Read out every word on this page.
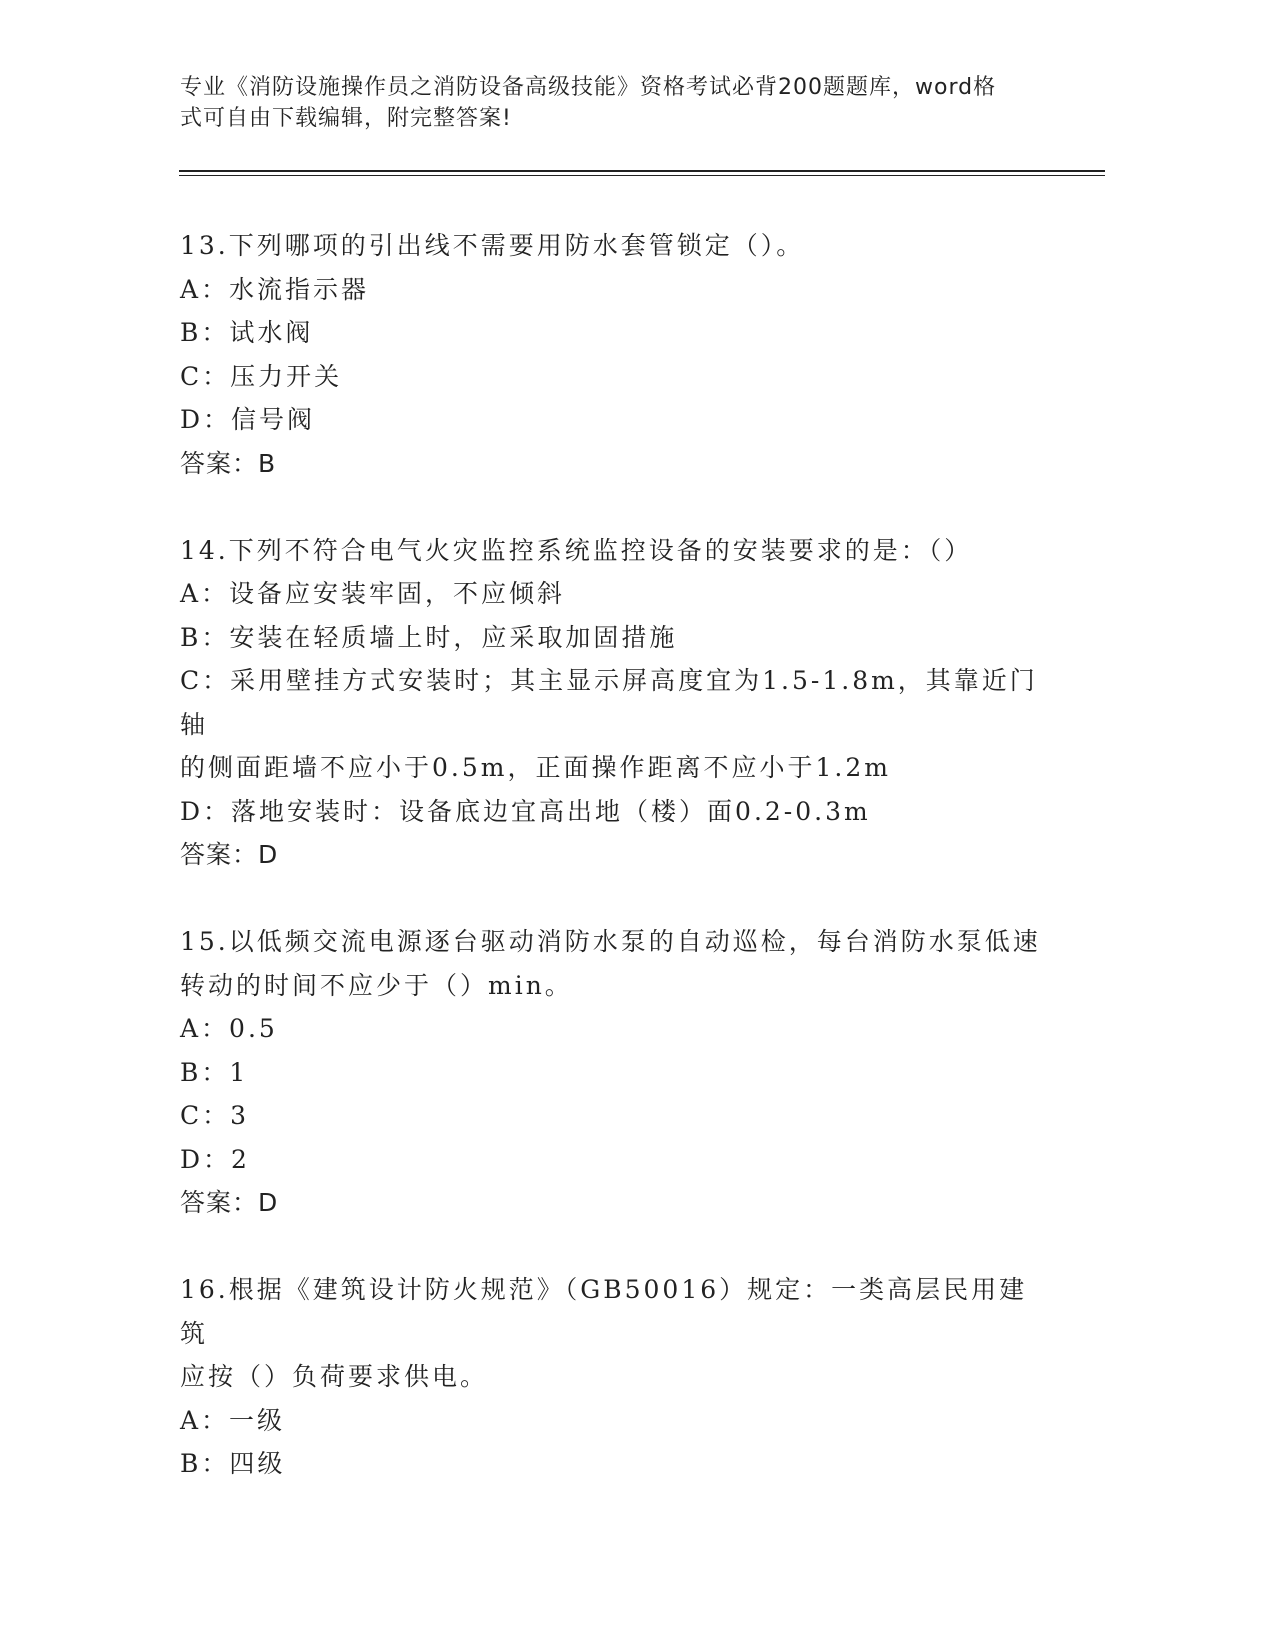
专业《消防设施操作员之消防设备高级技能》资格考试必背200题题库，word格
式可自由下载编辑，附完整答案!
13.下列哪项的引出线不需要用防水套管锁定（）。
A：水流指示器
B：试水阀
C：压力开关
D：信号阀
答案：B
14.下列不符合电气火灾监控系统监控设备的安装要求的是：（）
A：设备应安装牢固，不应倾斜
B：安装在轻质墙上时，应采取加固措施
C：采用壁挂方式安装时；其主显示屏高度宜为1.5-1.8m，其靠近门轴
的侧面距墙不应小于0.5m，正面操作距离不应小于1.2m
D：落地安装时：设备底边宜高出地（楼）面0.2-0.3m
答案：D
15.以低频交流电源逐台驱动消防水泵的自动巡检，每台消防水泵低速
转动的时间不应少于（）min。
A：0.5
B：1
C：3
D：2
答案：D
16.根据《建筑设计防火规范》（GB50016）规定：一类高层民用建筑
应按（）负荷要求供电。
A：一级
B：四级
